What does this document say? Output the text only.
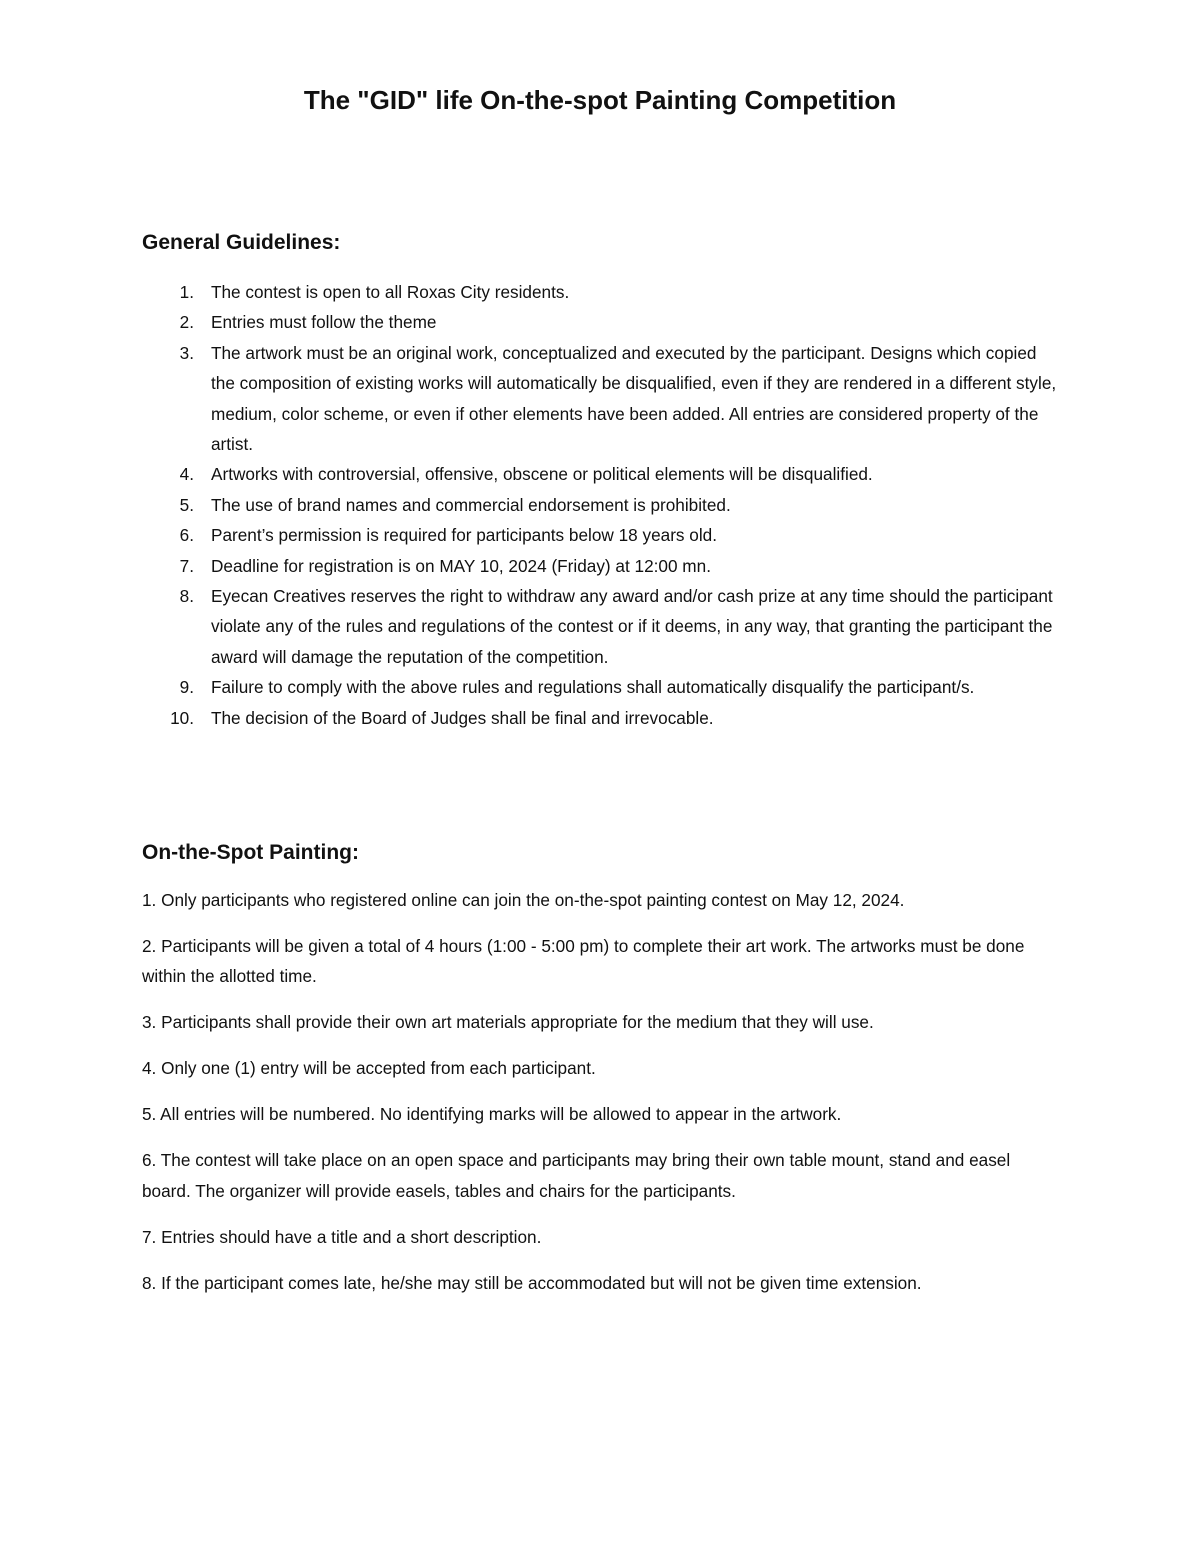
The "GID" life On-the-spot Painting Competition
General Guidelines:
1 . The contest is open to all Roxas City residents.
2 . Entries must follow the theme
3 . The artwork must be an original work, conceptualized and executed by the participant. Designs which copied the composition of existing works will automatically be disqualified, even if they are rendered in a different style, medium, color scheme, or even if other elements have been added. All entries are considered property of the artist.
4 . Artworks with controversial, offensive, obscene or political elements will be disqualified.
5 . The use of brand names and commercial endorsement is prohibited.
6 . Parent’s permission is required for participants below 18 years old.
7 . Deadline for registration is on MAY 10, 2024 (Friday) at 12:00 mn.
8 . Eyecan Creatives reserves the right to withdraw any award and/or cash prize at any time should the participant violate any of the rules and regulations of the contest or if it deems, in any way, that granting the participant the award will damage the reputation of the competition.
9 . Failure to comply with the above rules and regulations shall automatically disqualify the participant/s.
10 . The decision of the Board of Judges shall be final and irrevocable.
On-the-Spot Painting:

1. Only participants who registered online can join the on-the-spot painting contest on May 12, 2024.

2. Participants will be given a total of 4 hours (1:00 - 5:00 pm) to complete their art work. The artworks must be done within the allotted time.

3. Participants shall provide their own art materials appropriate for the medium that they will use.

4. Only one (1) entry will be accepted from each participant.

5. All entries will be numbered. No identifying marks will be allowed to appear in the artwork.

6. The contest will take place on an open space and participants may bring their own table mount, stand and easel board. The organizer will provide easels, tables and chairs for the participants.

7. Entries should have a title and a short description.

8. If the participant comes late, he/she may still be accommodated but will not be given time extension.
